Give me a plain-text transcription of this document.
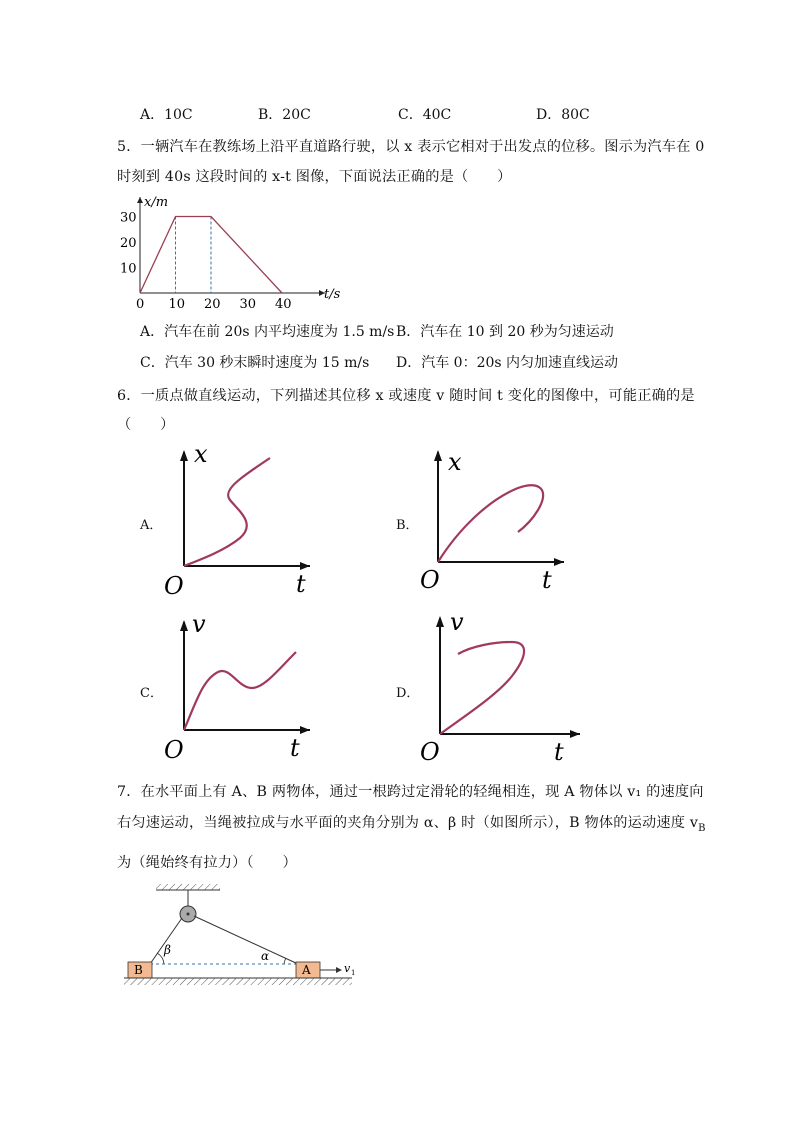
A．10C	B．20C	C．40C	D．80C
5．一辆汽车在教练场上沿平直道路行驶，以 x 表示它相对于出发点的位移。图示为汽车在 0
时刻到 40s 这段时间的 x-t 图像，下面说法正确的是（　　）
10 20 30 40
10
20
30
0
x/m
t/s
A．汽车在前 20s 内平均速度为 1.5 m/s B．汽车在 10 到 20 秒为匀速运动
C．汽车 30 秒末瞬时速度为 15 m/s D．汽车 0：20s 内匀加速直线运动
6．一质点做直线运动，下列描述其位移 x 或速度 v 随时间 t 变化的图像中，可能正确的是
（　　）
A．	B．
C．	D．
x
t
O
x
t
O
v
t
O
v
t
O
7．在水平面上有 A、B 两物体，通过一根跨过定滑轮的轻绳相连，现 A 物体以 v₁ 的速度向
右匀速运动，当绳被拉成与水平面的夹角分别为 α、β 时（如图所示），B 物体的运动速度 $v_B$
为（绳始终有拉力）（　　）
β	α
B	A	v 1
